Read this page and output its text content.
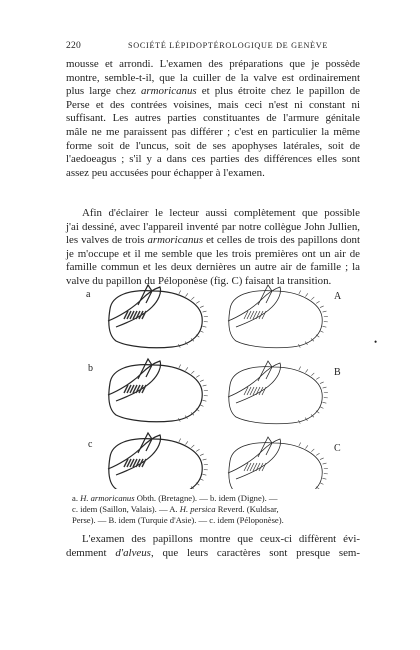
220	SOCIÉTÉ LÉPIDOPTÉROLOGIQUE DE GENÈVE
mousse et arrondi. L'examen des préparations que je possède
montre, semble-t-il, que la cuiller de la valve est ordinairement
plus large chez armoricanus et plus étroite chez le papillon de
Perse et des contrées voisines, mais ceci n'est ni constant ni
suffisant. Les autres parties constituantes de l'armure génitale
mâle ne me paraissent pas différer ; c'est en particulier la même
forme soit de l'uncus, soit de ses apophyses latérales, soit de
l'aedoeagus ; s'il y a dans ces parties des différences elles sont
assez peu accusées pour échapper à l'examen.
Afin d'éclairer le lecteur aussi complètement que possible
j'ai dessiné, avec l'appareil inventé par notre collègue John Jullien,
les valves de trois armoricanus et celles de trois des papillons dont
je m'occupe et il me semble que les trois premières ont un air de
famille commun et les deux dernières un autre air de famille ; la
valve du papillon du Péloponèse (fig. C) faisant la transition.
a
b
c
A
B
C
•
a. H. armoricanus Obth. (Bretagne). — b. idem (Digne). —
c. idem (Saillon, Valais). — A. H. persica Reverd. (Kuldsar,
Perse). — B. idem (Turquie d'Asie). — c. idem (Péloponèse).
L'examen des papillons montre que ceux-ci diffèrent évi-
demment d'alveus, que leurs caractères sont presque sem-
